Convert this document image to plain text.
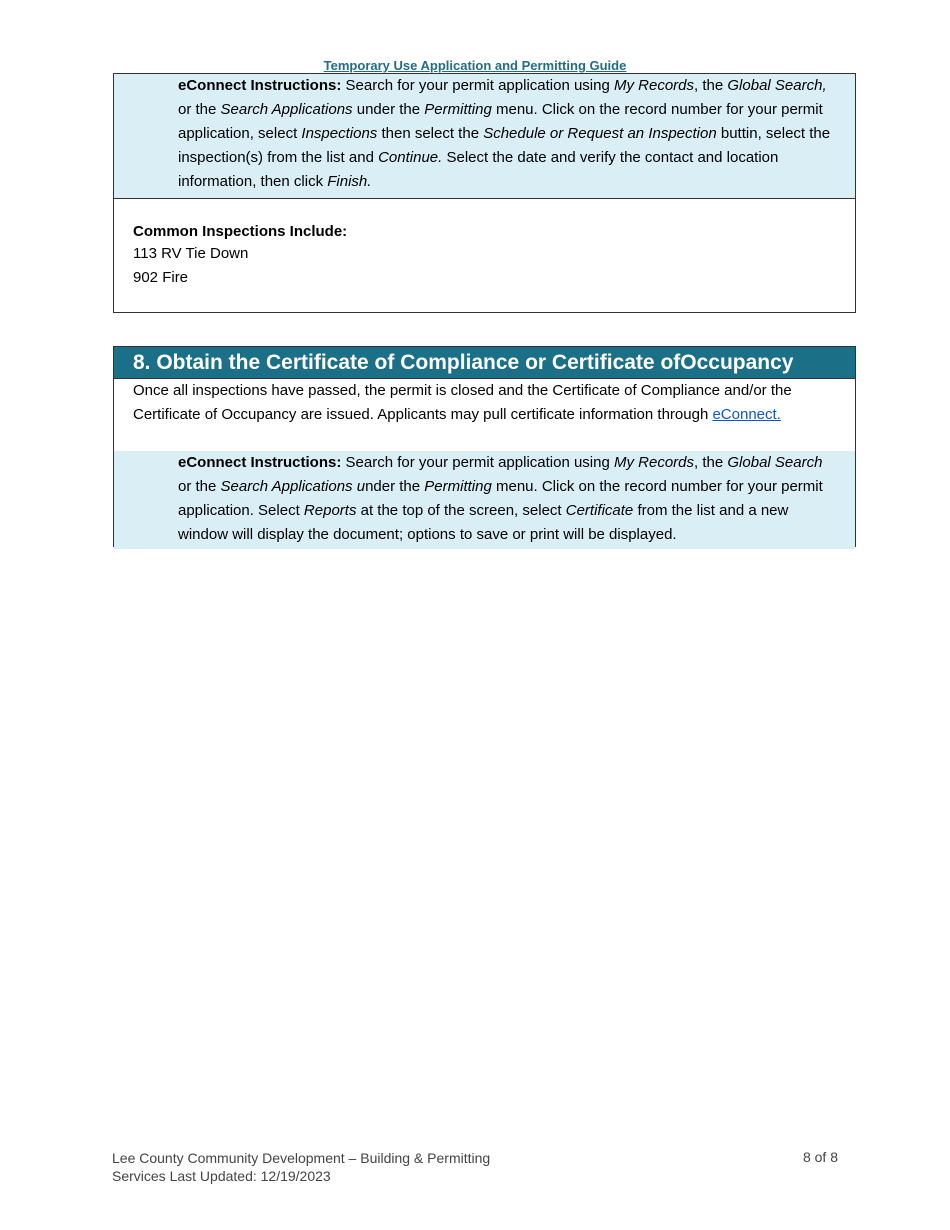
Temporary Use Application and Permitting Guide
eConnect Instructions: Search for your permit application using My Records, the Global Search, or the Search Applications under the Permitting menu. Click on the record number for your permit application, select Inspections then select the Schedule or Request an Inspection buttin, select the inspection(s) from the list and Continue. Select the date and verify the contact and location information, then click Finish.
Common Inspections Include:
113 RV Tie Down
902 Fire
8. Obtain the Certificate of Compliance or Certificate ofOccupancy
Once all inspections have passed, the permit is closed and the Certificate of Compliance and/or the Certificate of Occupancy are issued. Applicants may pull certificate information through eConnect.
eConnect Instructions: Search for your permit application using My Records, the Global Search or the Search Applications under the Permitting menu. Click on the record number for your permit application. Select Reports at the top of the screen, select Certificate from the list and a new window will display the document; options to save or print will be displayed.
Lee County Community Development – Building & Permitting
Services Last Updated: 12/19/2023
8 of 8
